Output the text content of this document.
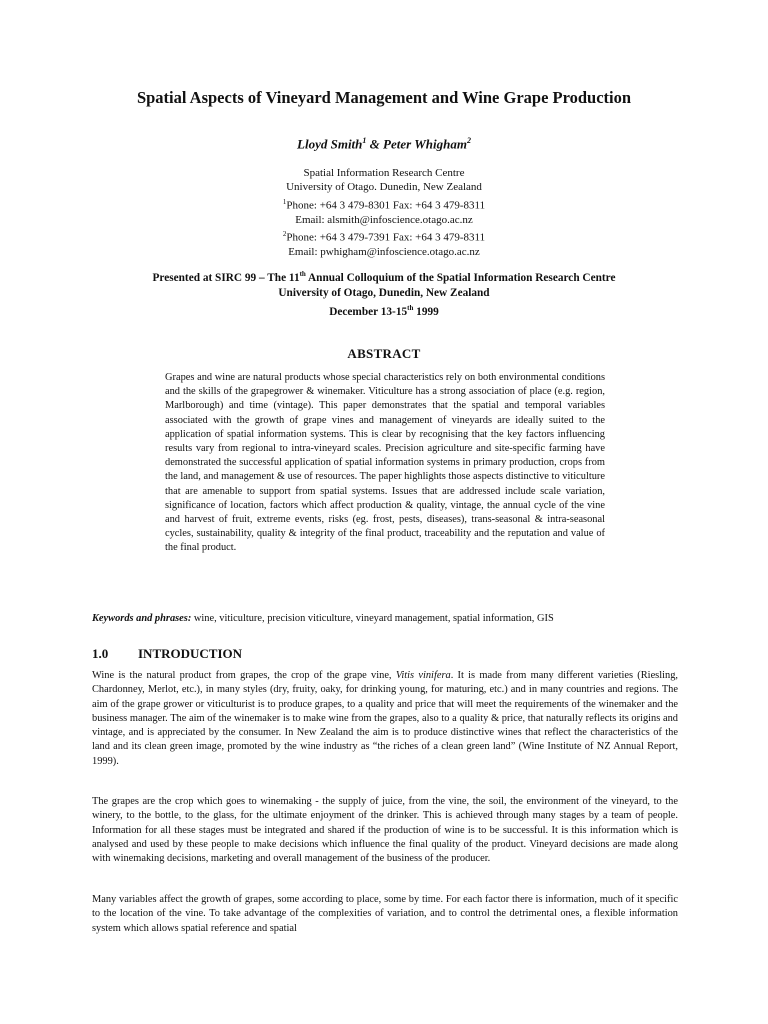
Spatial Aspects of Vineyard Management and Wine Grape Production
Lloyd Smith$^1$ & Peter Whigham$^2$
Spatial Information Research Centre
University of Otago. Dunedin, New Zealand
$^1$Phone: +64 3 479-8301 Fax: +64 3 479-8311
Email: alsmith@infoscience.otago.ac.nz
$^2$Phone: +64 3 479-7391 Fax: +64 3 479-8311
Email: pwhigham@infoscience.otago.ac.nz
Presented at SIRC 99 – The 11th Annual Colloquium of the Spatial Information Research Centre
University of Otago, Dunedin, New Zealand
December 13-15th 1999
ABSTRACT
Grapes and wine are natural products whose special characteristics rely on both environmental conditions and the skills of the grapegrower & winemaker. Viticulture has a strong association of place (e.g. region, Marlborough) and time (vintage). This paper demonstrates that the spatial and temporal variables associated with the growth of grape vines and management of vineyards are ideally suited to the application of spatial information systems. This is clear by recognising that the key factors influencing results vary from regional to intra-vineyard scales. Precision agriculture and site-specific farming have demonstrated the successful application of spatial information systems in primary production, crops from the land, and management & use of resources. The paper highlights those aspects distinctive to viticulture that are amenable to support from spatial systems. Issues that are addressed include scale variation, significance of location, factors which affect production & quality, vintage, the annual cycle of the vine and harvest of fruit, extreme events, risks (eg. frost, pests, diseases), trans-seasonal & intra-seasonal cycles, sustainability, quality & integrity of the final product, traceability and the reputation and value of the final product.
Keywords and phrases: wine, viticulture, precision viticulture, vineyard management, spatial information, GIS
1.0 INTRODUCTION
Wine is the natural product from grapes, the crop of the grape vine, Vitis vinifera. It is made from many different varieties (Riesling, Chardonney, Merlot, etc.), in many styles (dry, fruity, oaky, for drinking young, for maturing, etc.) and in many countries and regions. The aim of the grape grower or viticulturist is to produce grapes, to a quality and price that will meet the requirements of the winemaker and the business manager. The aim of the winemaker is to make wine from the grapes, also to a quality & price, that naturally reflects its origins and vintage, and is appreciated by the consumer. In New Zealand the aim is to produce distinctive wines that reflect the characteristics of the land and its clean green image, promoted by the wine industry as “the riches of a clean green land” (Wine Institute of NZ Annual Report, 1999).
The grapes are the crop which goes to winemaking - the supply of juice, from the vine, the soil, the environment of the vineyard, to the winery, to the bottle, to the glass, for the ultimate enjoyment of the drinker. This is achieved through many stages by a team of people. Information for all these stages must be integrated and shared if the production of wine is to be successful. It is this information which is analysed and used by these people to make decisions which influence the final quality of the product. Vineyard decisions are made along with winemaking decisions, marketing and overall management of the business of the producer.
Many variables affect the growth of grapes, some according to place, some by time. For each factor there is information, much of it specific to the location of the vine. To take advantage of the complexities of variation, and to control the detrimental ones, a flexible information system which allows spatial reference and spatial
